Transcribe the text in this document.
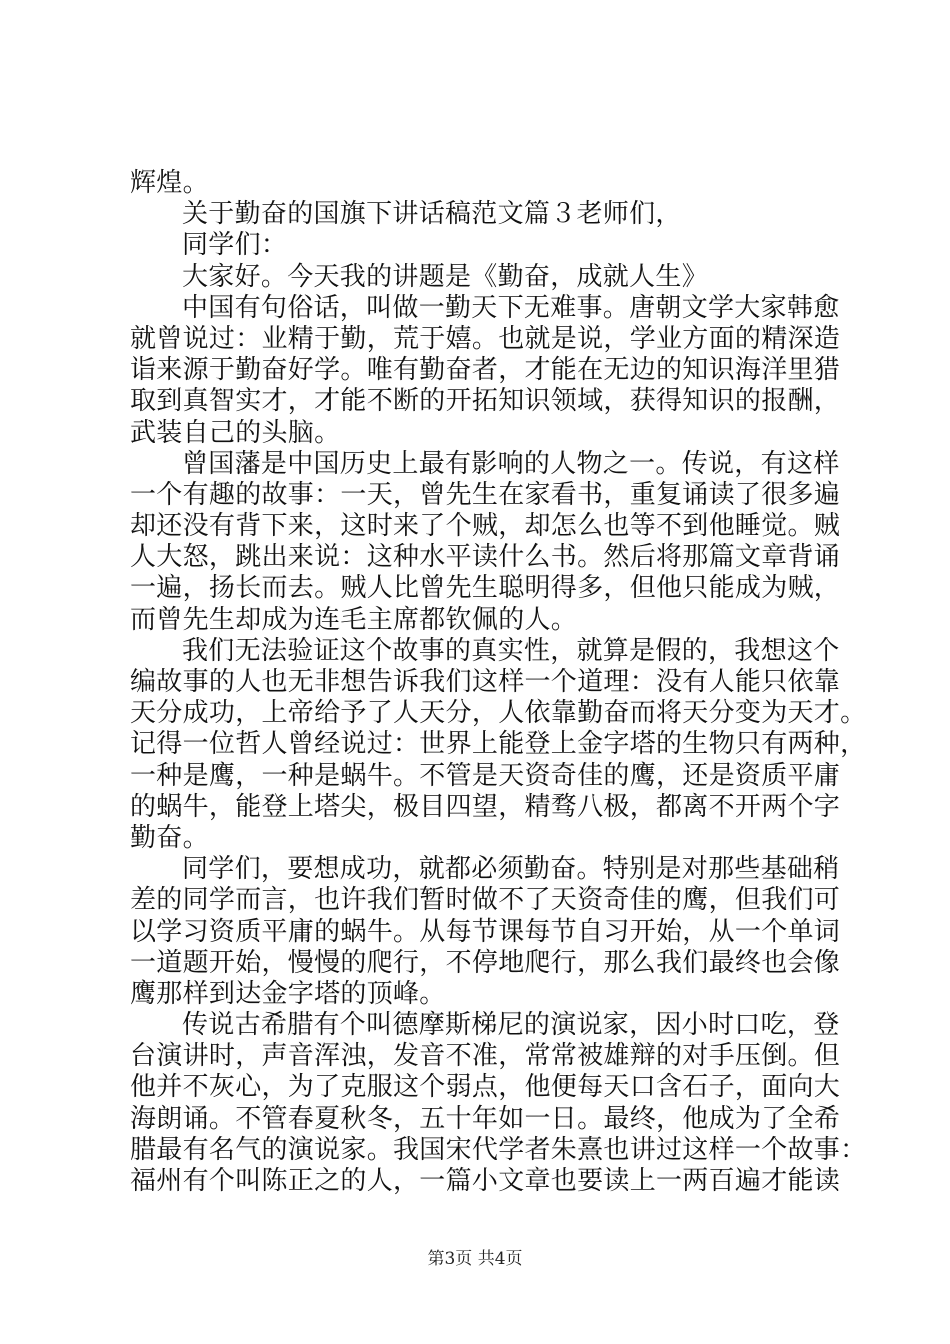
辉煌。
关于勤奋的国旗下讲话稿范文篇３老师们，
同学们：
大家好。今天我的讲题是《勤奋，成就人生》
中国有句俗话，叫做一勤天下无难事。唐朝文学大家韩愈
就曾说过：业精于勤，荒于嬉。也就是说，学业方面的精深造
诣来源于勤奋好学。唯有勤奋者，才能在无边的知识海洋里猎
取到真智实才，才能不断的开拓知识领域，获得知识的报酬，
武装自己的头脑。
曾国藩是中国历史上最有影响的人物之一。传说，有这样
一个有趣的故事：一天，曾先生在家看书，重复诵读了很多遍
却还没有背下来，这时来了个贼，却怎么也等不到他睡觉。贼
人大怒，跳出来说：这种水平读什么书。然后将那篇文章背诵
一遍，扬长而去。贼人比曾先生聪明得多，但他只能成为贼，
而曾先生却成为连毛主席都钦佩的人。
我们无法验证这个故事的真实性，就算是假的，我想这个
编故事的人也无非想告诉我们这样一个道理：没有人能只依靠
天分成功，上帝给予了人天分，人依靠勤奋而将天分变为天才。
记得一位哲人曾经说过：世界上能登上金字塔的生物只有两种，
一种是鹰，一种是蜗牛。不管是天资奇佳的鹰，还是资质平庸
的蜗牛，能登上塔尖，极目四望，精骛八极，都离不开两个字
勤奋。
同学们，要想成功，就都必须勤奋。特别是对那些基础稍
差的同学而言，也许我们暂时做不了天资奇佳的鹰，但我们可
以学习资质平庸的蜗牛。从每节课每节自习开始，从一个单词
一道题开始，慢慢的爬行，不停地爬行，那么我们最终也会像
鹰那样到达金字塔的顶峰。
传说古希腊有个叫德摩斯梯尼的演说家，因小时口吃，登
台演讲时，声音浑浊，发音不准，常常被雄辩的对手压倒。但
他并不灰心，为了克服这个弱点，他便每天口含石子，面向大
海朗诵。不管春夏秋冬，五十年如一日。最终，他成为了全希
腊最有名气的演说家。我国宋代学者朱熹也讲过这样一个故事：
福州有个叫陈正之的人，一篇小文章也要读上一两百遍才能读
第3页 共4页
